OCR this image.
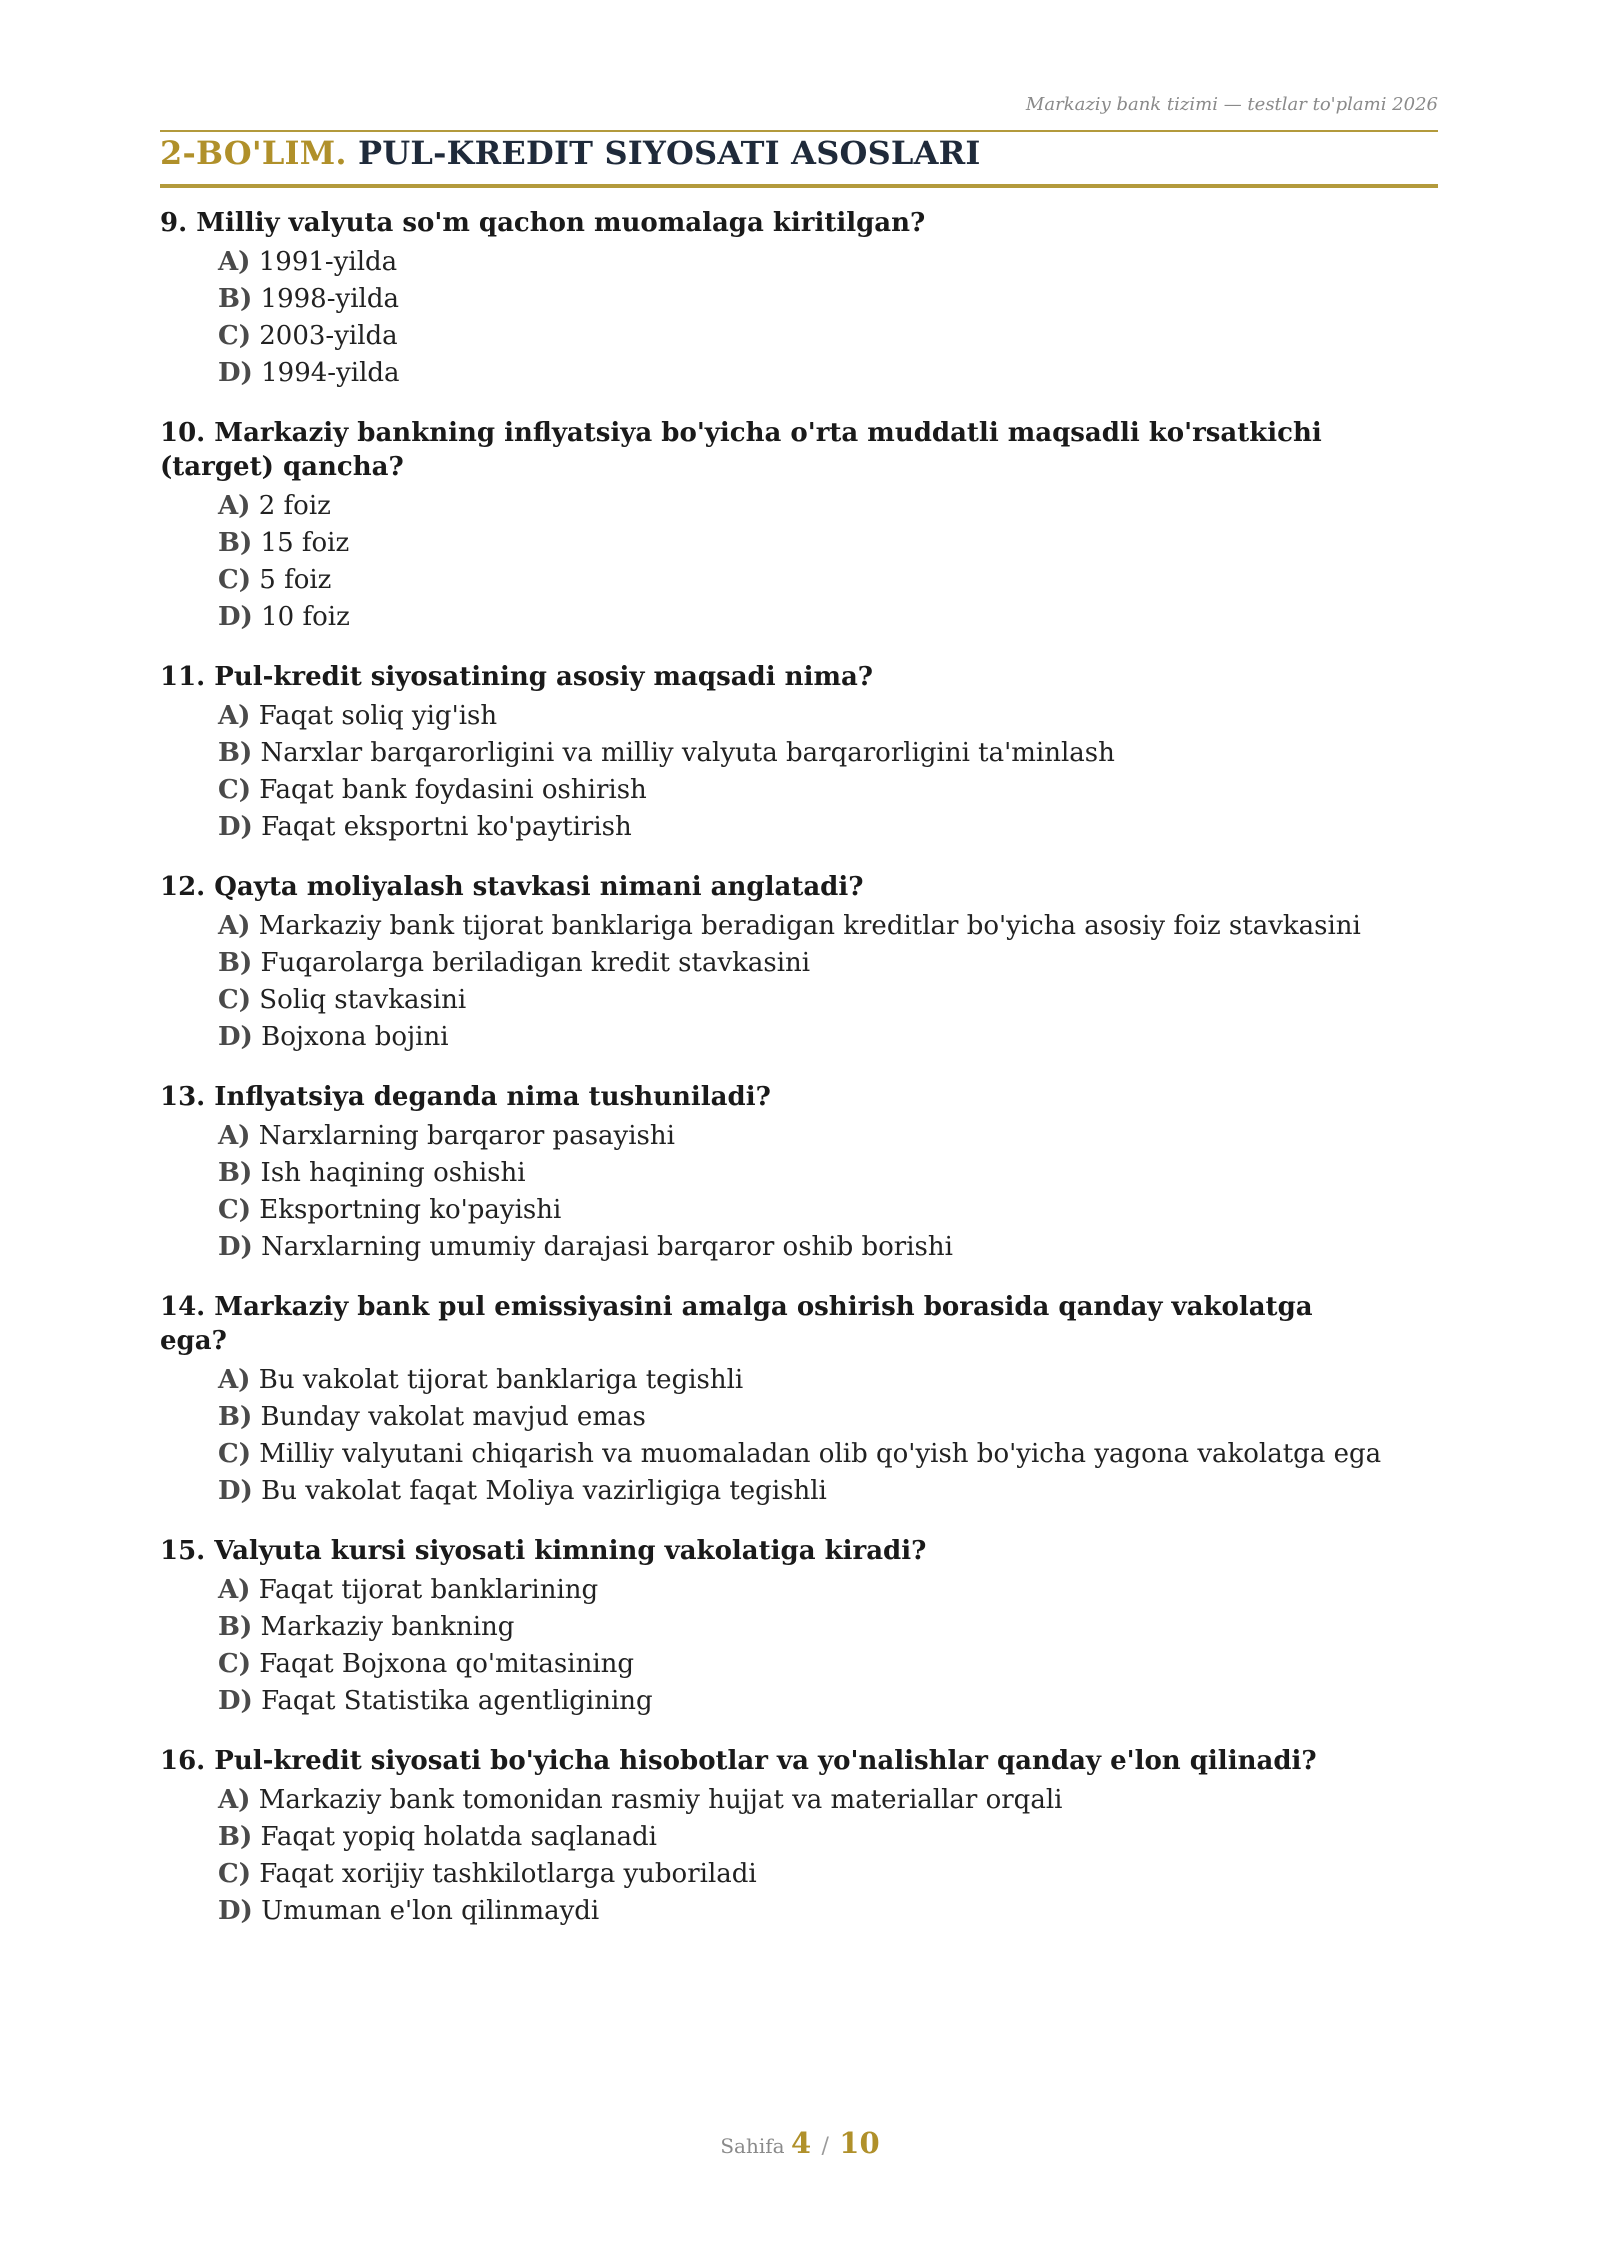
Markaziy bank tizimi — testlar to'plami 2026
2-BO'LIM. PUL-KREDIT SIYOSATI ASOSLARI
9. Milliy valyuta so'm qachon muomalaga kiritilgan?
A) 1991-yilda
B) 1998-yilda
C) 2003-yilda
D) 1994-yilda
10. Markaziy bankning inflyatsiya bo'yicha o'rta muddatli maqsadli ko'rsatkichi (target) qancha?
A) 2 foiz
B) 15 foiz
C) 5 foiz
D) 10 foiz
11. Pul-kredit siyosatining asosiy maqsadi nima?
A) Faqat soliq yig'ish
B) Narxlar barqarorligini va milliy valyuta barqarorligini ta'minlash
C) Faqat bank foydasini oshirish
D) Faqat eksportni ko'paytirish
12. Qayta moliyalash stavkasi nimani anglatadi?
A) Markaziy bank tijorat banklariga beradigan kreditlar bo'yicha asosiy foiz stavkasini
B) Fuqarolarga beriladigan kredit stavkasini
C) Soliq stavkasini
D) Bojxona bojini
13. Inflyatsiya deganda nima tushuniladi?
A) Narxlarning barqaror pasayishi
B) Ish haqining oshishi
C) Eksportning ko'payishi
D) Narxlarning umumiy darajasi barqaror oshib borishi
14. Markaziy bank pul emissiyasini amalga oshirish borasida qanday vakolatga ega?
A) Bu vakolat tijorat banklariga tegishli
B) Bunday vakolat mavjud emas
C) Milliy valyutani chiqarish va muomaladan olib qo'yish bo'yicha yagona vakolatga ega
D) Bu vakolat faqat Moliya vazirligiga tegishli
15. Valyuta kursi siyosati kimning vakolatiga kiradi?
A) Faqat tijorat banklarining
B) Markaziy bankning
C) Faqat Bojxona qo'mitasining
D) Faqat Statistika agentligining
16. Pul-kredit siyosati bo'yicha hisobotlar va yo'nalishlar qanday e'lon qilinadi?
A) Markaziy bank tomonidan rasmiy hujjat va materiallar orqali
B) Faqat yopiq holatda saqlanadi
C) Faqat xorijiy tashkilotlarga yuboriladi
D) Umuman e'lon qilinmaydi
Sahifa 4 / 10
